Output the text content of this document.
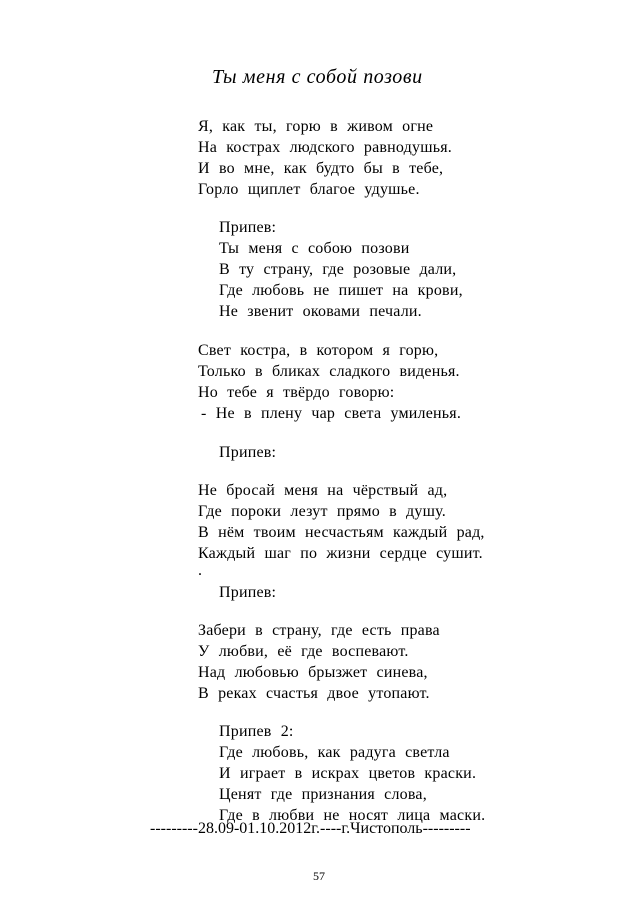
Ты меня с собой позови
Я, как ты, горю в живом огне
На кострах людского равнодушья.
И во мне, как будто бы в тебе,
Горло щиплет благое удушье.
Припев:
Ты меня с собою позови
В ту страну, где розовые дали,
Где любовь не пишет на крови,
Не звенит оковами печали.
Свет костра, в котором я горю,
Только в бликах сладкого виденья.
Но тебе я твёрдо говорю:
- Не в плену чар света умиленья.
Припев:
Не бросай меня на чёрствый ад,
Где пороки лезут прямо в душу.
В нём твоим несчастьям каждый рад,
Каждый шаг по жизни сердце сушит.
.
Припев:
Забери в страну, где есть права
У любви, её где воспевают.
Над любовью брызжет синева,
В реках счастья двое утопают.
Припев 2:
Где любовь, как радуга светла
И играет в искрах цветов краски.
Ценят где признания слова,
Где в любви не носят лица маски.
---------28.09-01.10.2012г.----г.Чистополь---------
57
